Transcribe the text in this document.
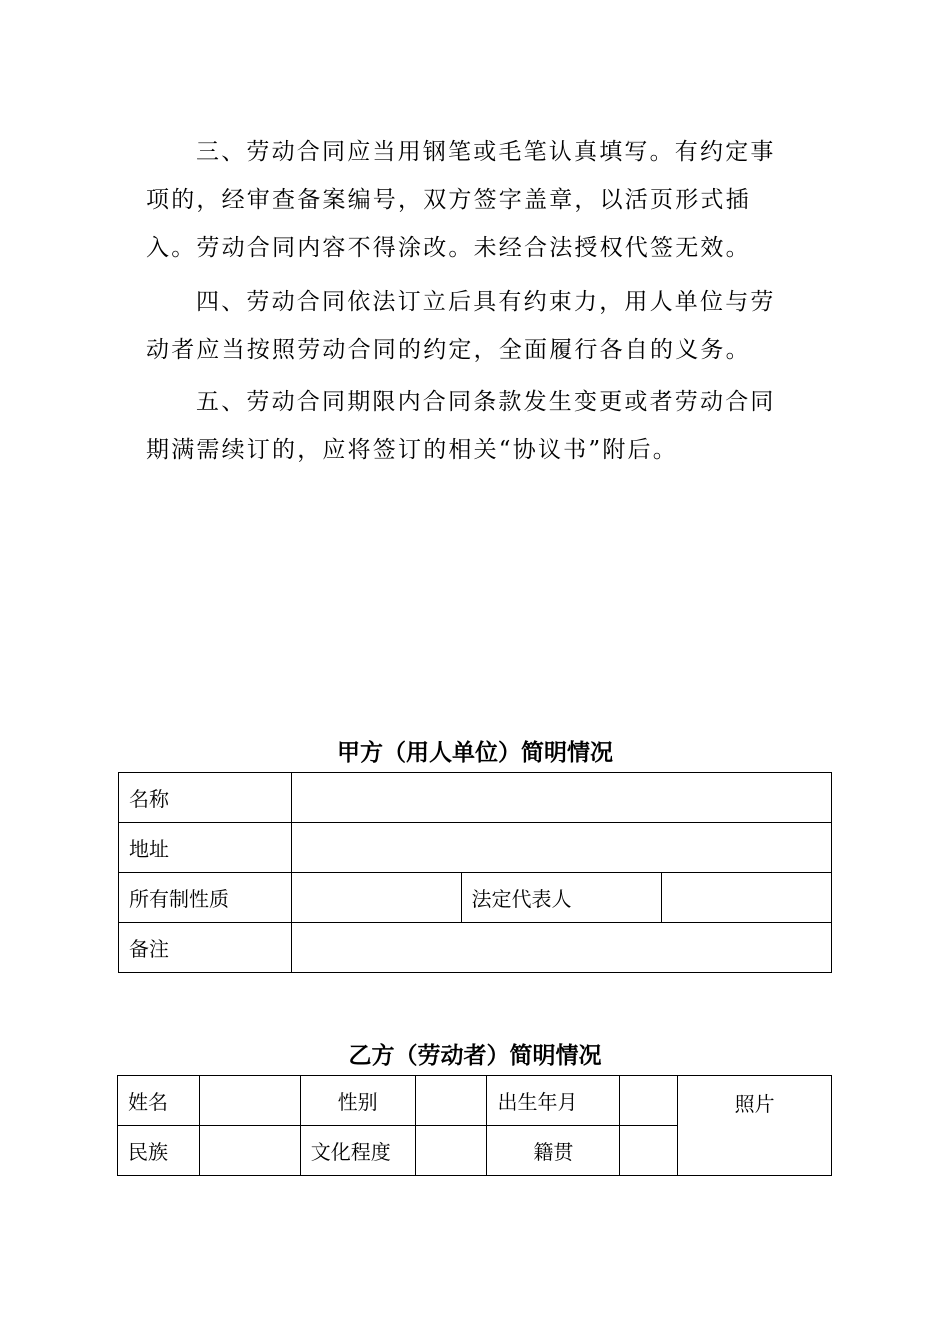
三、劳动合同应当用钢笔或毛笔认真填写。有约定事项的，经审查备案编号，双方签字盖章，以活页形式插入。劳动合同内容不得涂改。未经合法授权代签无效。

四、劳动合同依法订立后具有约束力，用人单位与劳动者应当按照劳动合同的约定，全面履行各自的义务。

五、劳动合同期限内合同条款发生变更或者劳动合同期满需续订的，应将签订的相关“协议书”附后。

甲方（用人单位）简明情况
名称			
地址			
所有制性质		法定代表人	
备注			
乙方（劳动者）简明情况
姓名		性别		出生年月		照片
民族		文化程度		籍贯		
